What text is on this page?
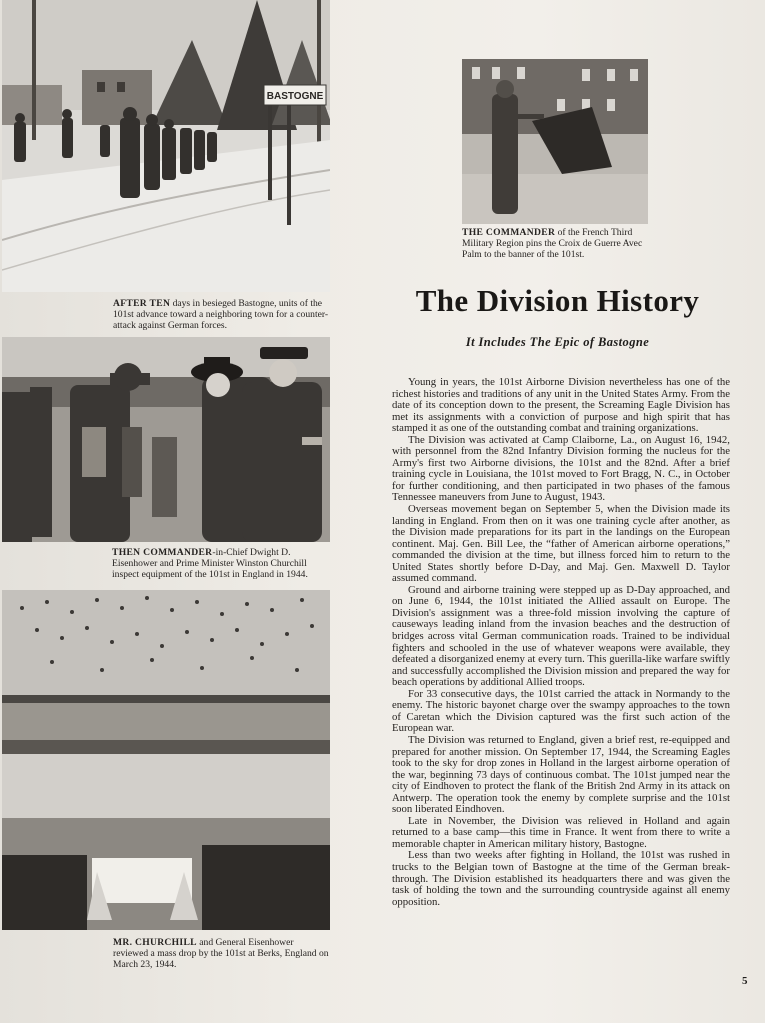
BASTOGNE
AFTER TEN days in besieged Bastogne, units of the 101st advance toward a neighboring town for a counter-attack against German forces.
THEN COMMANDER-in-Chief Dwight D. Eisenhower and Prime Minister Winston Churchill inspect equipment of the 101st in England in 1944.
MR. CHURCHILL and General Eisenhower reviewed a mass drop by the 101st at Berks, England on March 23, 1944.
THE COMMANDER of the French Third Military Region pins the Croix de Guerre Avec Palm to the banner of the 101st.
The Division History
It Includes The Epic of Bastogne

Young in years, the 101st Airborne Division nevertheless has one of the richest histories and traditions of any unit in the United States Army. From the date of its conception down to the present, the Screaming Eagle Division has met its assignments with a conviction of purpose and high spirit that has stamped it as one of the outstanding combat and training organizations.

The Division was activated at Camp Claiborne, La., on August 16, 1942, with personnel from the 82nd Infantry Division forming the nucleus for the Army's first two Airborne divisions, the 101st and the 82nd. After a brief training cycle in Louisiana, the 101st moved to Fort Bragg, N. C., in October for further conditioning, and then participated in two phases of the famous Tennessee maneuvers from June to August, 1943.

Overseas movement began on September 5, when the Division made its landing in England. From then on it was one training cycle after another, as the Division made preparations for its part in the landings on the European continent. Maj. Gen. Bill Lee, the “father of American airborne operations,” commanded the division at the time, but illness forced him to return to the United States shortly before D-Day, and Maj. Gen. Maxwell D. Taylor assumed command.

Ground and airborne training were stepped up as D-Day approached, and on June 6, 1944, the 101st initiated the Allied assault on Europe. The Division's assignment was a three-fold mission involving the capture of causeways leading inland from the invasion beaches and the destruction of bridges across vital German communication roads. Trained to be individual fighters and schooled in the use of whatever weapons were available, they defeated a disorganized enemy at every turn. This guerilla-like warfare swiftly and successfully accomplished the Division mission and prepared the way for beach operations by additional Allied troops.

For 33 consecutive days, the 101st carried the attack in Normandy to the enemy. The historic bayonet charge over the swampy approaches to the town of Caretan which the Division captured was the first such action of the European war.

The Division was returned to England, given a brief rest, re-equipped and prepared for another mission. On September 17, 1944, the Screaming Eagles took to the sky for drop zones in Holland in the largest airborne operation of the war, beginning 73 days of continuous combat. The 101st jumped near the city of Eindhoven to protect the flank of the British 2nd Army in its attack on Antwerp. The operation took the enemy by complete surprise and the 101st soon liberated Eindhoven.

Late in November, the Division was relieved in Holland and again returned to a base camp—this time in France. It went from there to write a memorable chapter in American military history, Bastogne.

Less than two weeks after fighting in Holland, the 101st was rushed in trucks to the Belgian town of Bastogne at the time of the German break-through. The Division established its headquarters there and was given the task of holding the town and the surrounding countryside against all enemy opposition.

5
